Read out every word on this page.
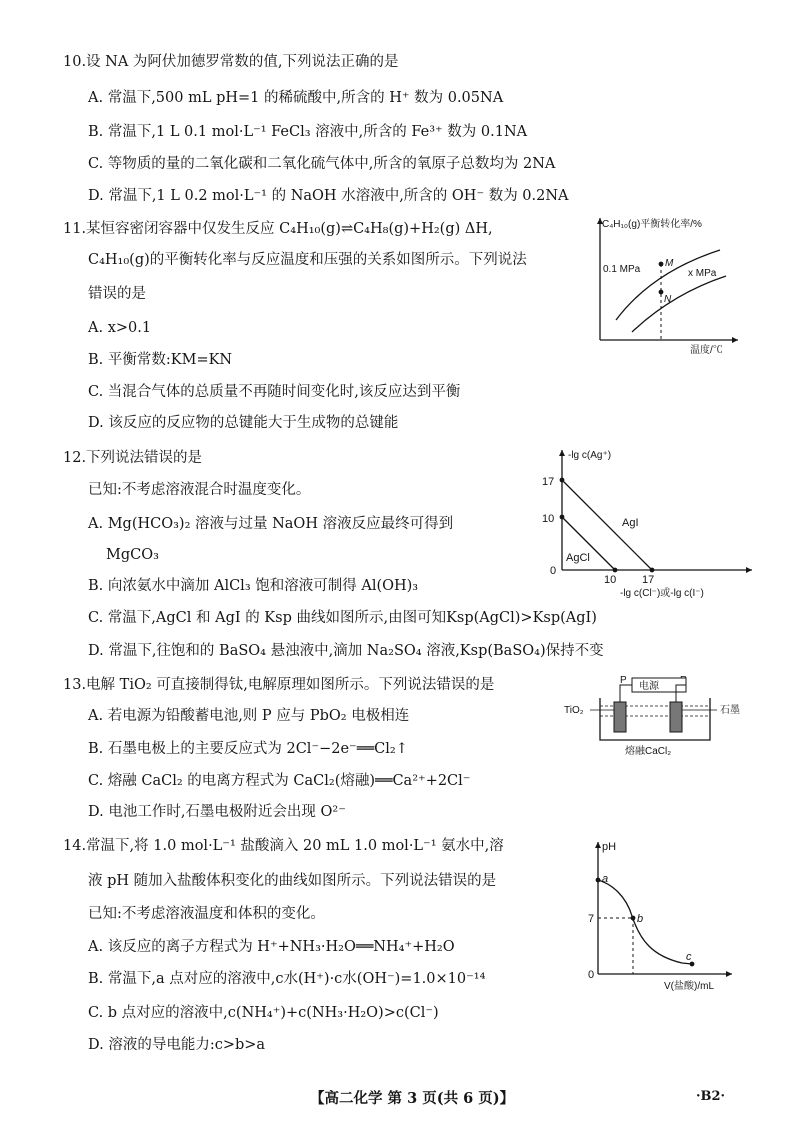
10.设 NA 为阿伏加德罗常数的值,下列说法正确的是
A. 常温下,500 mL pH=1 的稀硫酸中,所含的 H⁺ 数为 0.05NA
B. 常温下,1 L 0.1 mol·L⁻¹ FeCl₃ 溶液中,所含的 Fe³⁺ 数为 0.1NA
C. 等物质的量的二氧化碳和二氧化硫气体中,所含的氧原子总数均为 2NA
D. 常温下,1 L 0.2 mol·L⁻¹ 的 NaOH 水溶液中,所含的 OH⁻ 数为 0.2NA
11.某恒容密闭容器中仅发生反应 C₄H₁₀(g)⇌C₄H₈(g)+H₂(g) ΔH,
C₄H₁₀(g)的平衡转化率与反应温度和压强的关系如图所示。下列说法
错误的是
A. x>0.1
B. 平衡常数:KM=KN
C. 当混合气体的总质量不再随时间变化时,该反应达到平衡
D. 该反应的反应物的总键能大于生成物的总键能
C₄H₁₀(g)平衡转化率/%
温度/℃
0.1 MPa
M
x MPa
N
12.下列说法错误的是
已知:不考虑溶液混合时温度变化。
A. Mg(HCO₃)₂ 溶液与过量 NaOH 溶液反应最终可得到
MgCO₃
B. 向浓氨水中滴加 AlCl₃ 饱和溶液可制得 Al(OH)₃
C. 常温下,AgCl 和 AgI 的 Ksp 曲线如图所示,由图可知Ksp(AgCl)>Ksp(AgI)
D. 常温下,往饱和的 BaSO₄ 悬浊液中,滴加 Na₂SO₄ 溶液,Ksp(BaSO₄)保持不变
-lg c(Ag⁺)
17
10
0
10 17
AgI
AgCl
-lg c(Cl⁻)或-lg c(I⁻)
13.电解 TiO₂ 可直接制得钛,电解原理如图所示。下列说法错误的是
A. 若电源为铅酸蓄电池,则 P 应与 PbO₂ 电极相连
B. 石墨电极上的主要反应式为 2Cl⁻−2e⁻══Cl₂↑
C. 熔融 CaCl₂ 的电离方程式为 CaCl₂(熔融)══Ca²⁺+2Cl⁻
D. 电池工作时,石墨电极附近会出现 O²⁻
P
电源
TiO₂	石墨
熔融CaCl₂
14.常温下,将 1.0 mol·L⁻¹ 盐酸滴入 20 mL 1.0 mol·L⁻¹ 氨水中,溶
液 pH 随加入盐酸体积变化的曲线如图所示。下列说法错误的是
已知:不考虑溶液温度和体积的变化。
A. 该反应的离子方程式为 H⁺+NH₃·H₂O══NH₄⁺+H₂O
B. 常温下,a 点对应的溶液中,c水(H⁺)·c水(OH⁻)=1.0×10⁻¹⁴
C. b 点对应的溶液中,c(NH₄⁺)+c(NH₃·H₂O)>c(Cl⁻)
D. 溶液的导电能力:c>b>a
pH
a
b
c
7
0
V(盐酸)/mL
【高二化学 第 3 页(共 6 页)】	·B2·
